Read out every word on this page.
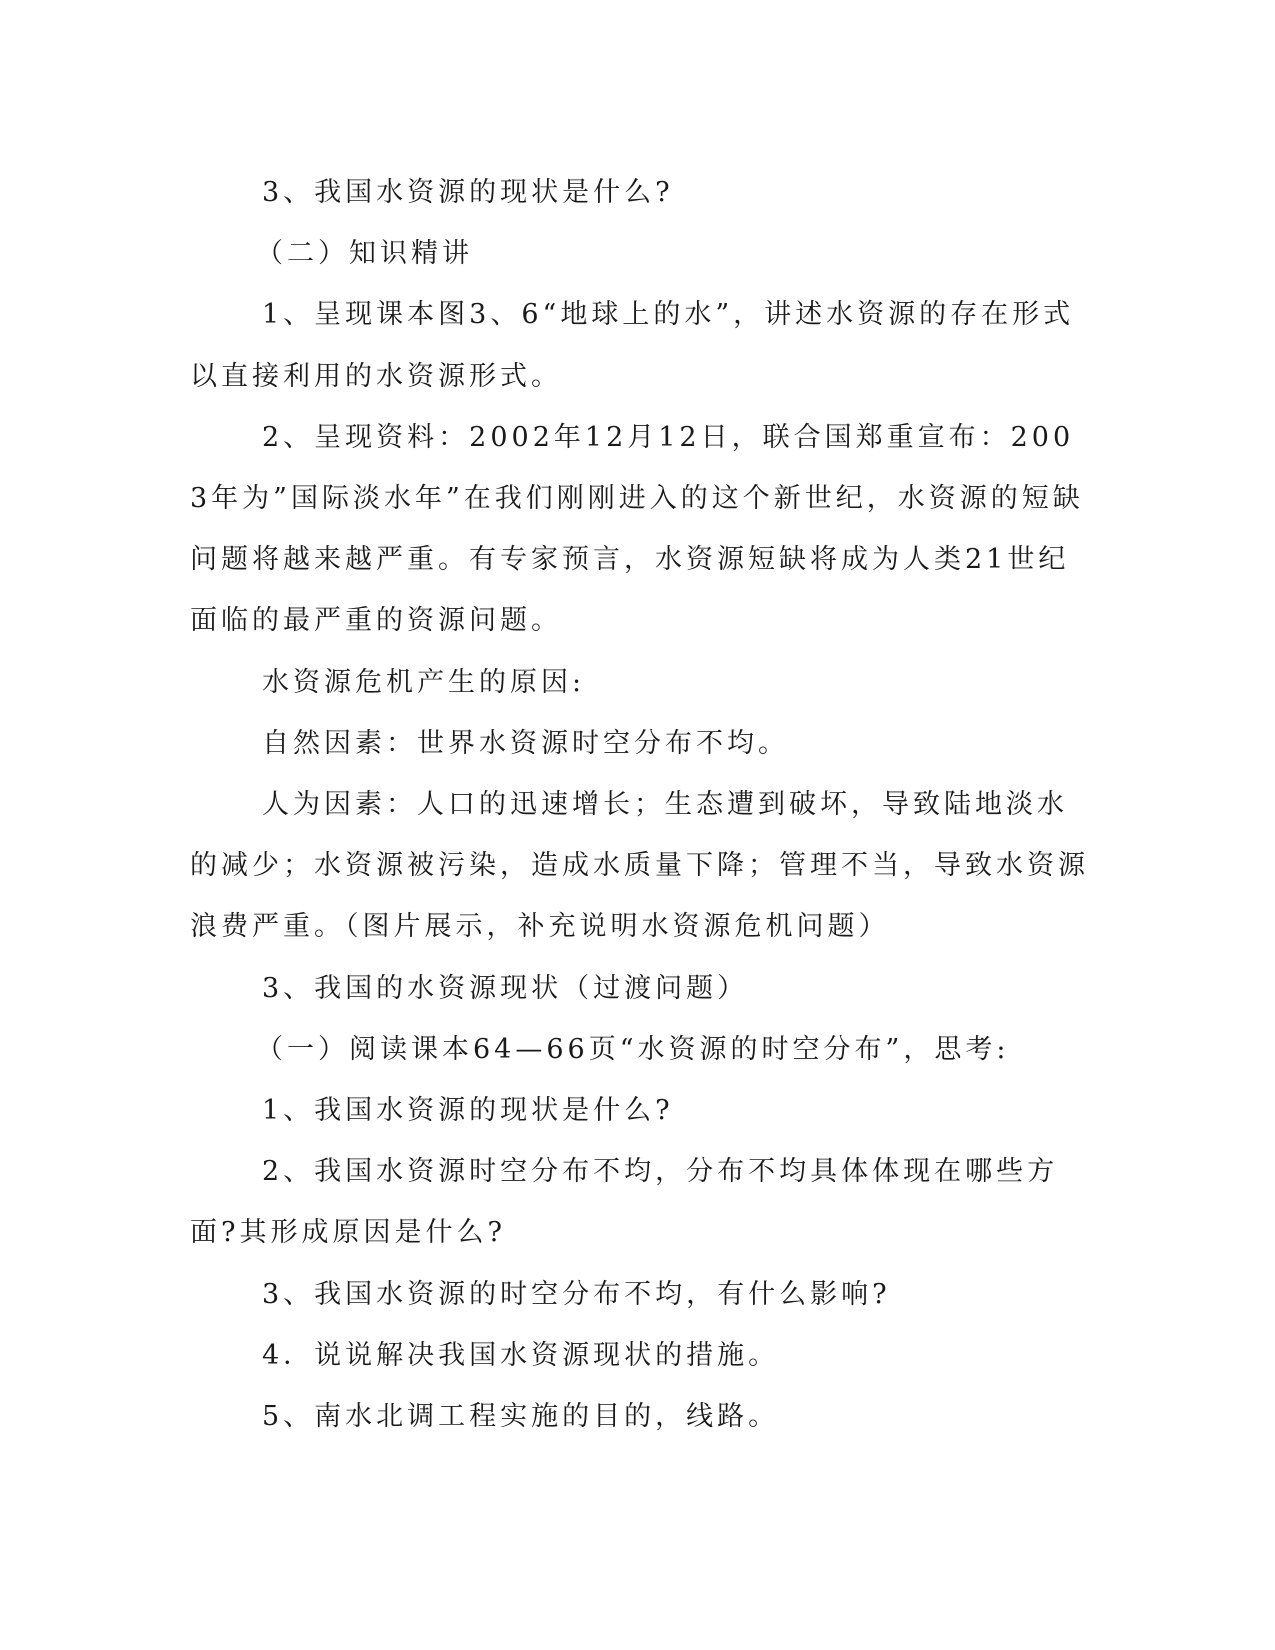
3、我国水资源的现状是什么?

（二）知识精讲

1、呈现课本图3、6“地球上的水”，讲述水资源的存在形式以直接利用的水资源形式。

2、呈现资料：2002年12月12日，联合国郑重宣布：2003年为”国际淡水年”在我们刚刚进入的这个新世纪，水资源的短缺问题将越来越严重。有专家预言，水资源短缺将成为人类21世纪面临的最严重的资源问题。

水资源危机产生的原因:

自然因素：世界水资源时空分布不均。

人为因素：人口的迅速增长；生态遭到破坏，导致陆地淡水的减少；水资源被污染，造成水质量下降；管理不当，导致水资源浪费严重。（图片展示，补充说明水资源危机问题）

3、我国的水资源现状（过渡问题）

（一）阅读课本64—66页“水资源的时空分布”，思考:

1、我国水资源的现状是什么?

2、我国水资源时空分布不均，分布不均具体体现在哪些方面?其形成原因是什么?

3、我国水资源的时空分布不均，有什么影响?

4．说说解决我国水资源现状的措施。

5、南水北调工程实施的目的，线路。
